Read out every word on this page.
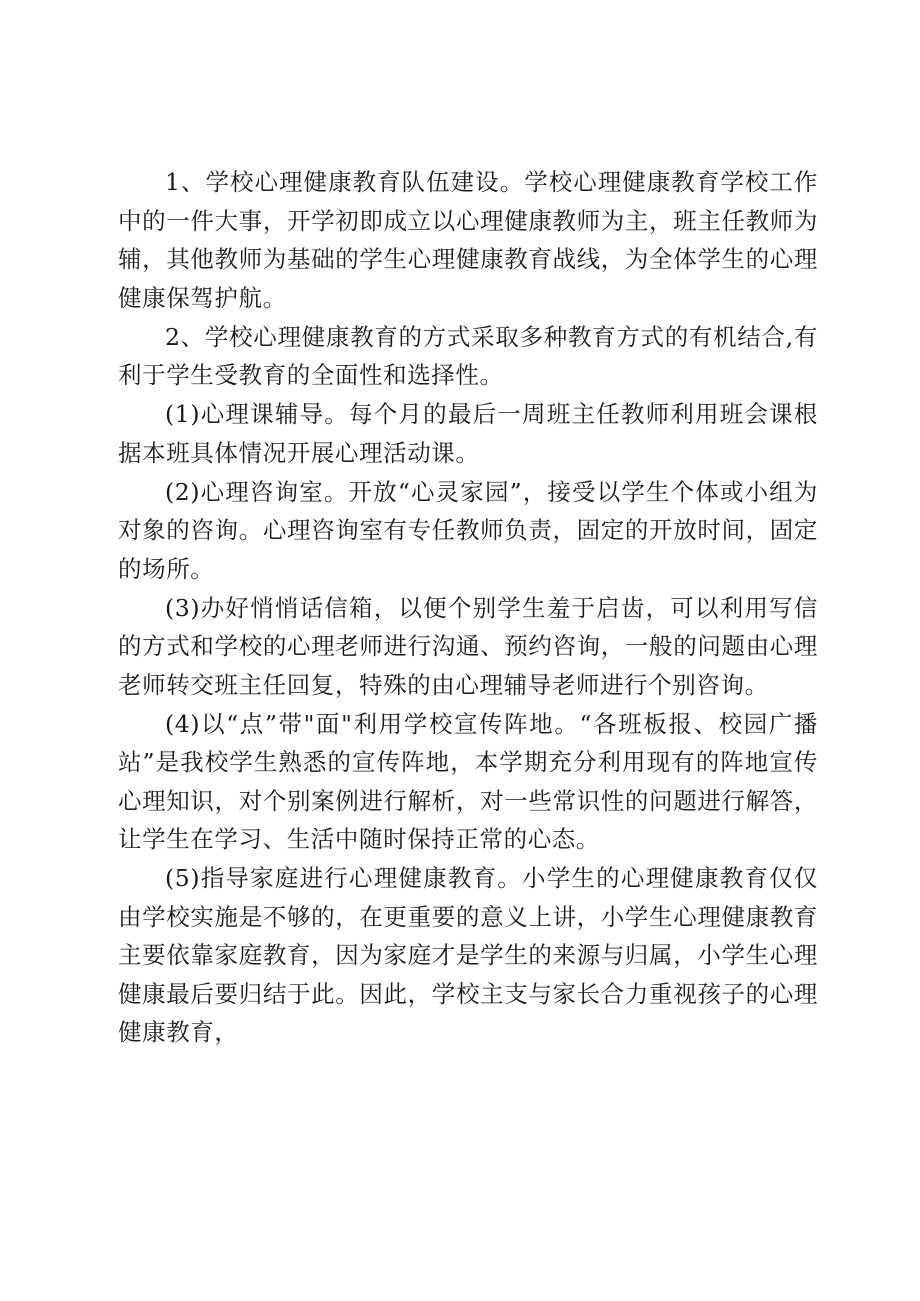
1、学校心理健康教育队伍建设。学校心理健康教育学校工作中的一件大事，开学初即成立以心理健康教师为主，班主任教师为辅，其他教师为基础的学生心理健康教育战线，为全体学生的心理健康保驾护航。

2、学校心理健康教育的方式采取多种教育方式的有机结合,有利于学生受教育的全面性和选择性。

(1)心理课辅导。每个月的最后一周班主任教师利用班会课根据本班具体情况开展心理活动课。

(2)心理咨询室。开放“心灵家园”，接受以学生个体或小组为对象的咨询。心理咨询室有专任教师负责，固定的开放时间，固定的场所。

(3)办好悄悄话信箱，以便个别学生羞于启齿，可以利用写信的方式和学校的心理老师进行沟通、预约咨询，一般的问题由心理老师转交班主任回复，特殊的由心理辅导老师进行个别咨询。

(4)以“点”带"面"利用学校宣传阵地。“各班板报、校园广播站”是我校学生熟悉的宣传阵地，本学期充分利用现有的阵地宣传心理知识，对个别案例进行解析，对一些常识性的问题进行解答，让学生在学习、生活中随时保持正常的心态。

(5)指导家庭进行心理健康教育。小学生的心理健康教育仅仅由学校实施是不够的，在更重要的意义上讲，小学生心理健康教育主要依靠家庭教育，因为家庭才是学生的来源与归属，小学生心理健康最后要归结于此。因此，学校主支与家长合力重视孩子的心理健康教育，
